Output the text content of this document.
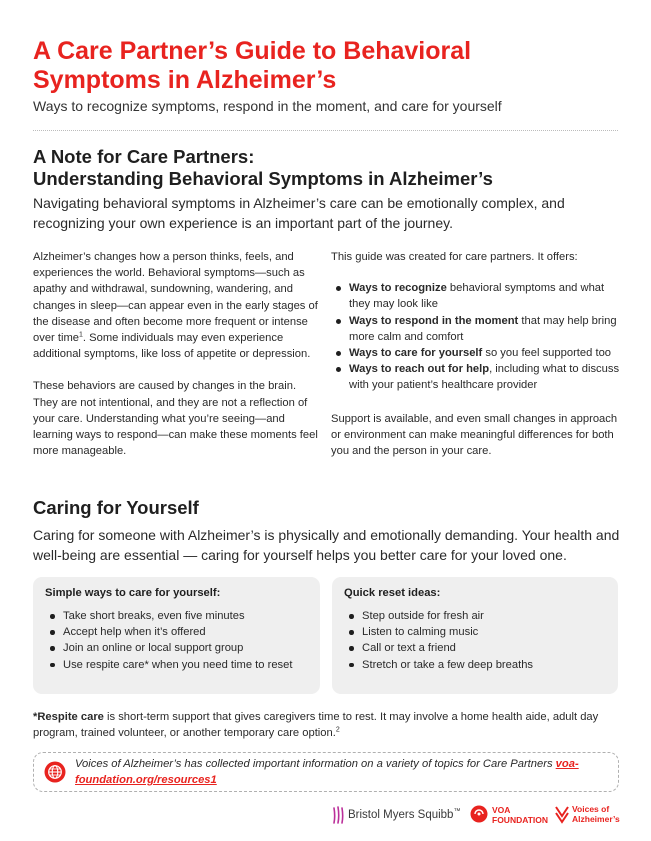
A Care Partner’s Guide to Behavioral
Symptoms in Alzheimer’s
Ways to recognize symptoms, respond in the moment, and care for yourself
A Note for Care Partners:
Understanding Behavioral Symptoms in Alzheimer’s
Navigating behavioral symptoms in Alzheimer’s care can be emotionally complex, and recognizing your own experience is an important part of the journey.

Alzheimer’s changes how a person thinks, feels, and experiences the world. Behavioral symptoms—such as apathy and withdrawal, sundowning, wandering, and changes in sleep—can appear even in the early stages of the disease and often become more frequent or intense over time$^1$. Some individuals may even experience additional symptoms, like loss of appetite or depression.

These behaviors are caused by changes in the brain. They are not intentional, and they are not a reflection of your care. Understanding what you’re seeing—and learning ways to respond—can make these moments feel more manageable.

This guide was created for care partners. It offers:

Ways to recognize behavioral symptoms and what they may look like
Ways to respond in the moment that may help bring more calm and comfort
Ways to care for yourself so you feel supported too
Ways to reach out for help, including what to discuss with your patient’s healthcare provider

Support is available, and even small changes in approach or environment can make meaningful differences for both you and the person in your care.

Caring for Yourself
Caring for someone with Alzheimer’s is physically and emotionally demanding. Your health and well-being are essential — caring for yourself helps you better care for your loved one.
Simple ways to care for yourself:
Take short breaks, even five minutes
Accept help when it’s offered
Join an online or local support group
Use respite care* when you need time to reset
Quick reset ideas:
Step outside for fresh air
Listen to calming music
Call or text a friend
Stretch or take a few deep breaths
*Respite care is short-term support that gives caregivers time to rest. It may involve a home health aide, adult day program, trained volunteer, or another temporary care option.$^2$
Voices of Alzheimer’s has collected important information on a variety of topics for Care Partners voa-foundation.org/resources1
Bristol Myers Squibb™	VOA
FOUNDATION
Voices of
Alzheimer’s
